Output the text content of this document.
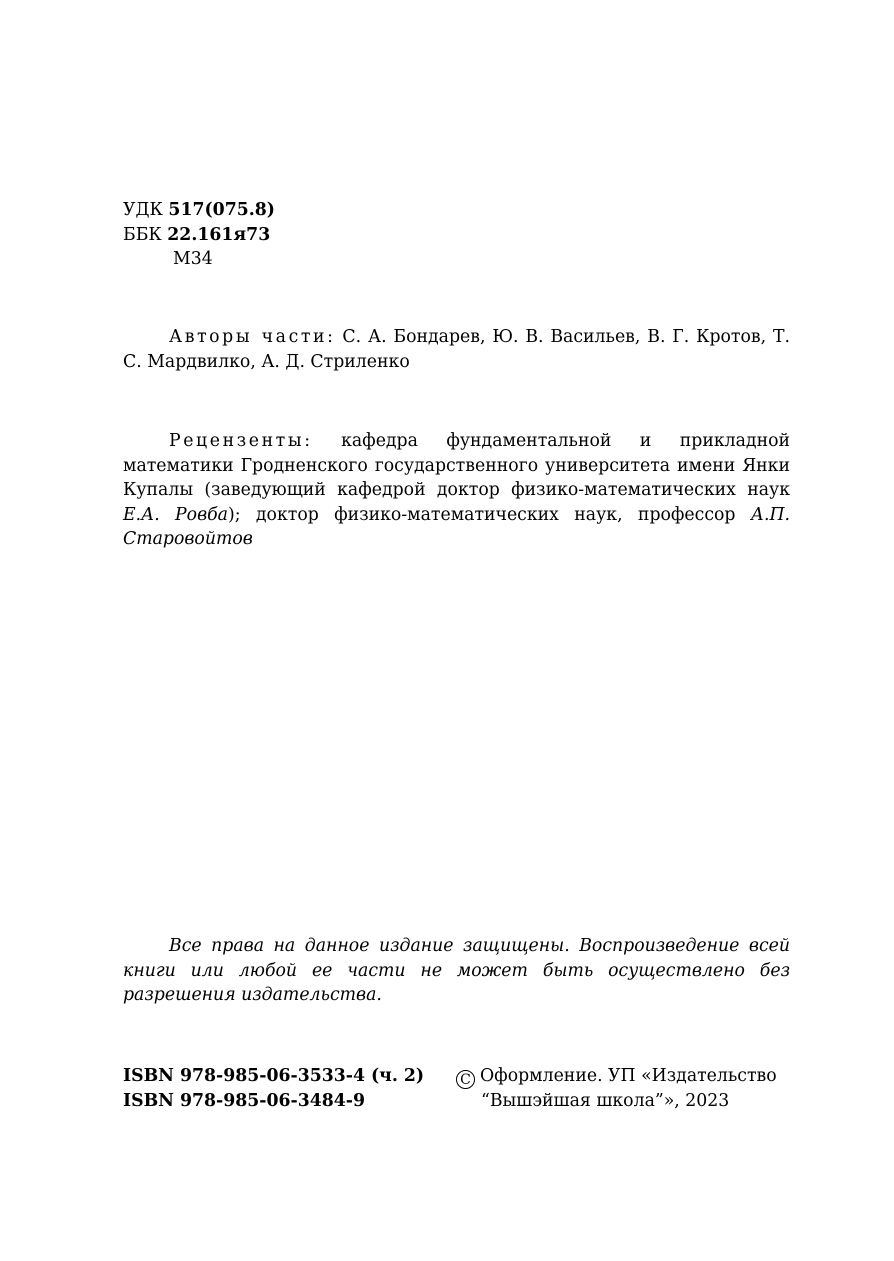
УДК 517(075.8)
ББК 22.161я73
М34
Авторы части: С. А. Бондарев, Ю. В. Васильев, В. Г. Кротов, Т. С. Мардвилко, А. Д. Стриленко
Рецензенты: кафедра фундаментальной и прикладной математики Гродненского государственного университета имени Янки Купалы (заведующий кафедрой доктор физико-математических наук Е.А. Ровба); доктор физико-математических наук, профессор А.П. Старовойтов
Все права на данное издание защищены. Воспроизведение всей книги или любой ее части не может быть осуществлено без разрешения издательства.
ISBN 978-985-06-3533-4 (ч. 2)
ISBN 978-985-06-3484-9
C Оформление. УП «Издательство
“Вышэйшая школа”», 2023
